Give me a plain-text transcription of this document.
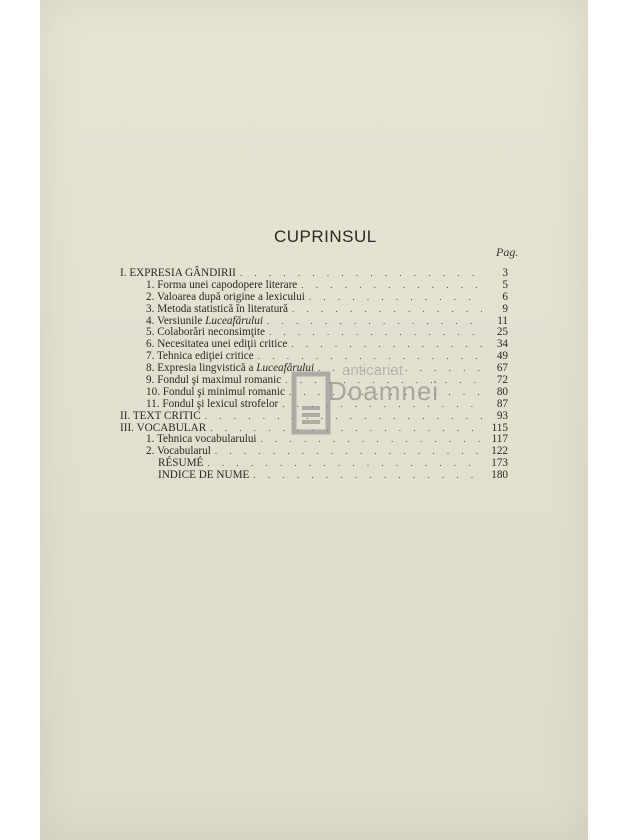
CUPRINSUL
Pag.
I. EXPRESIA GÂNDIRII . . .	3
1. Forma unei capodopere literare . . .	5
2. Valoarea după origine a lexicului . . .	6
3. Metoda statistică în literatură . . .	9
4. Versiunile Luceafărului . . .	11
5. Colaborări neconsimţite . . .	25
6. Necesitatea unei ediţii critice . . .	34
7. Tehnica ediţiei critice . . .	49
8. Expresia lingvistică a Luceafărului . . .	67
9. Fondul şi maximul romanic . . .	72
10. Fondul şi minimul romanic . . .	80
11. Fondul şi lexicul strofelor . . .	87
II. TEXT CRITIC . . .	93
III. VOCABULAR . . .	115
1. Tehnica vocabularului . . .	117
2. Vocabularul . . .	122
RÉSUMÉ . . .	173
INDICE DE NUME . . .	180
anticariat
Doamnei
